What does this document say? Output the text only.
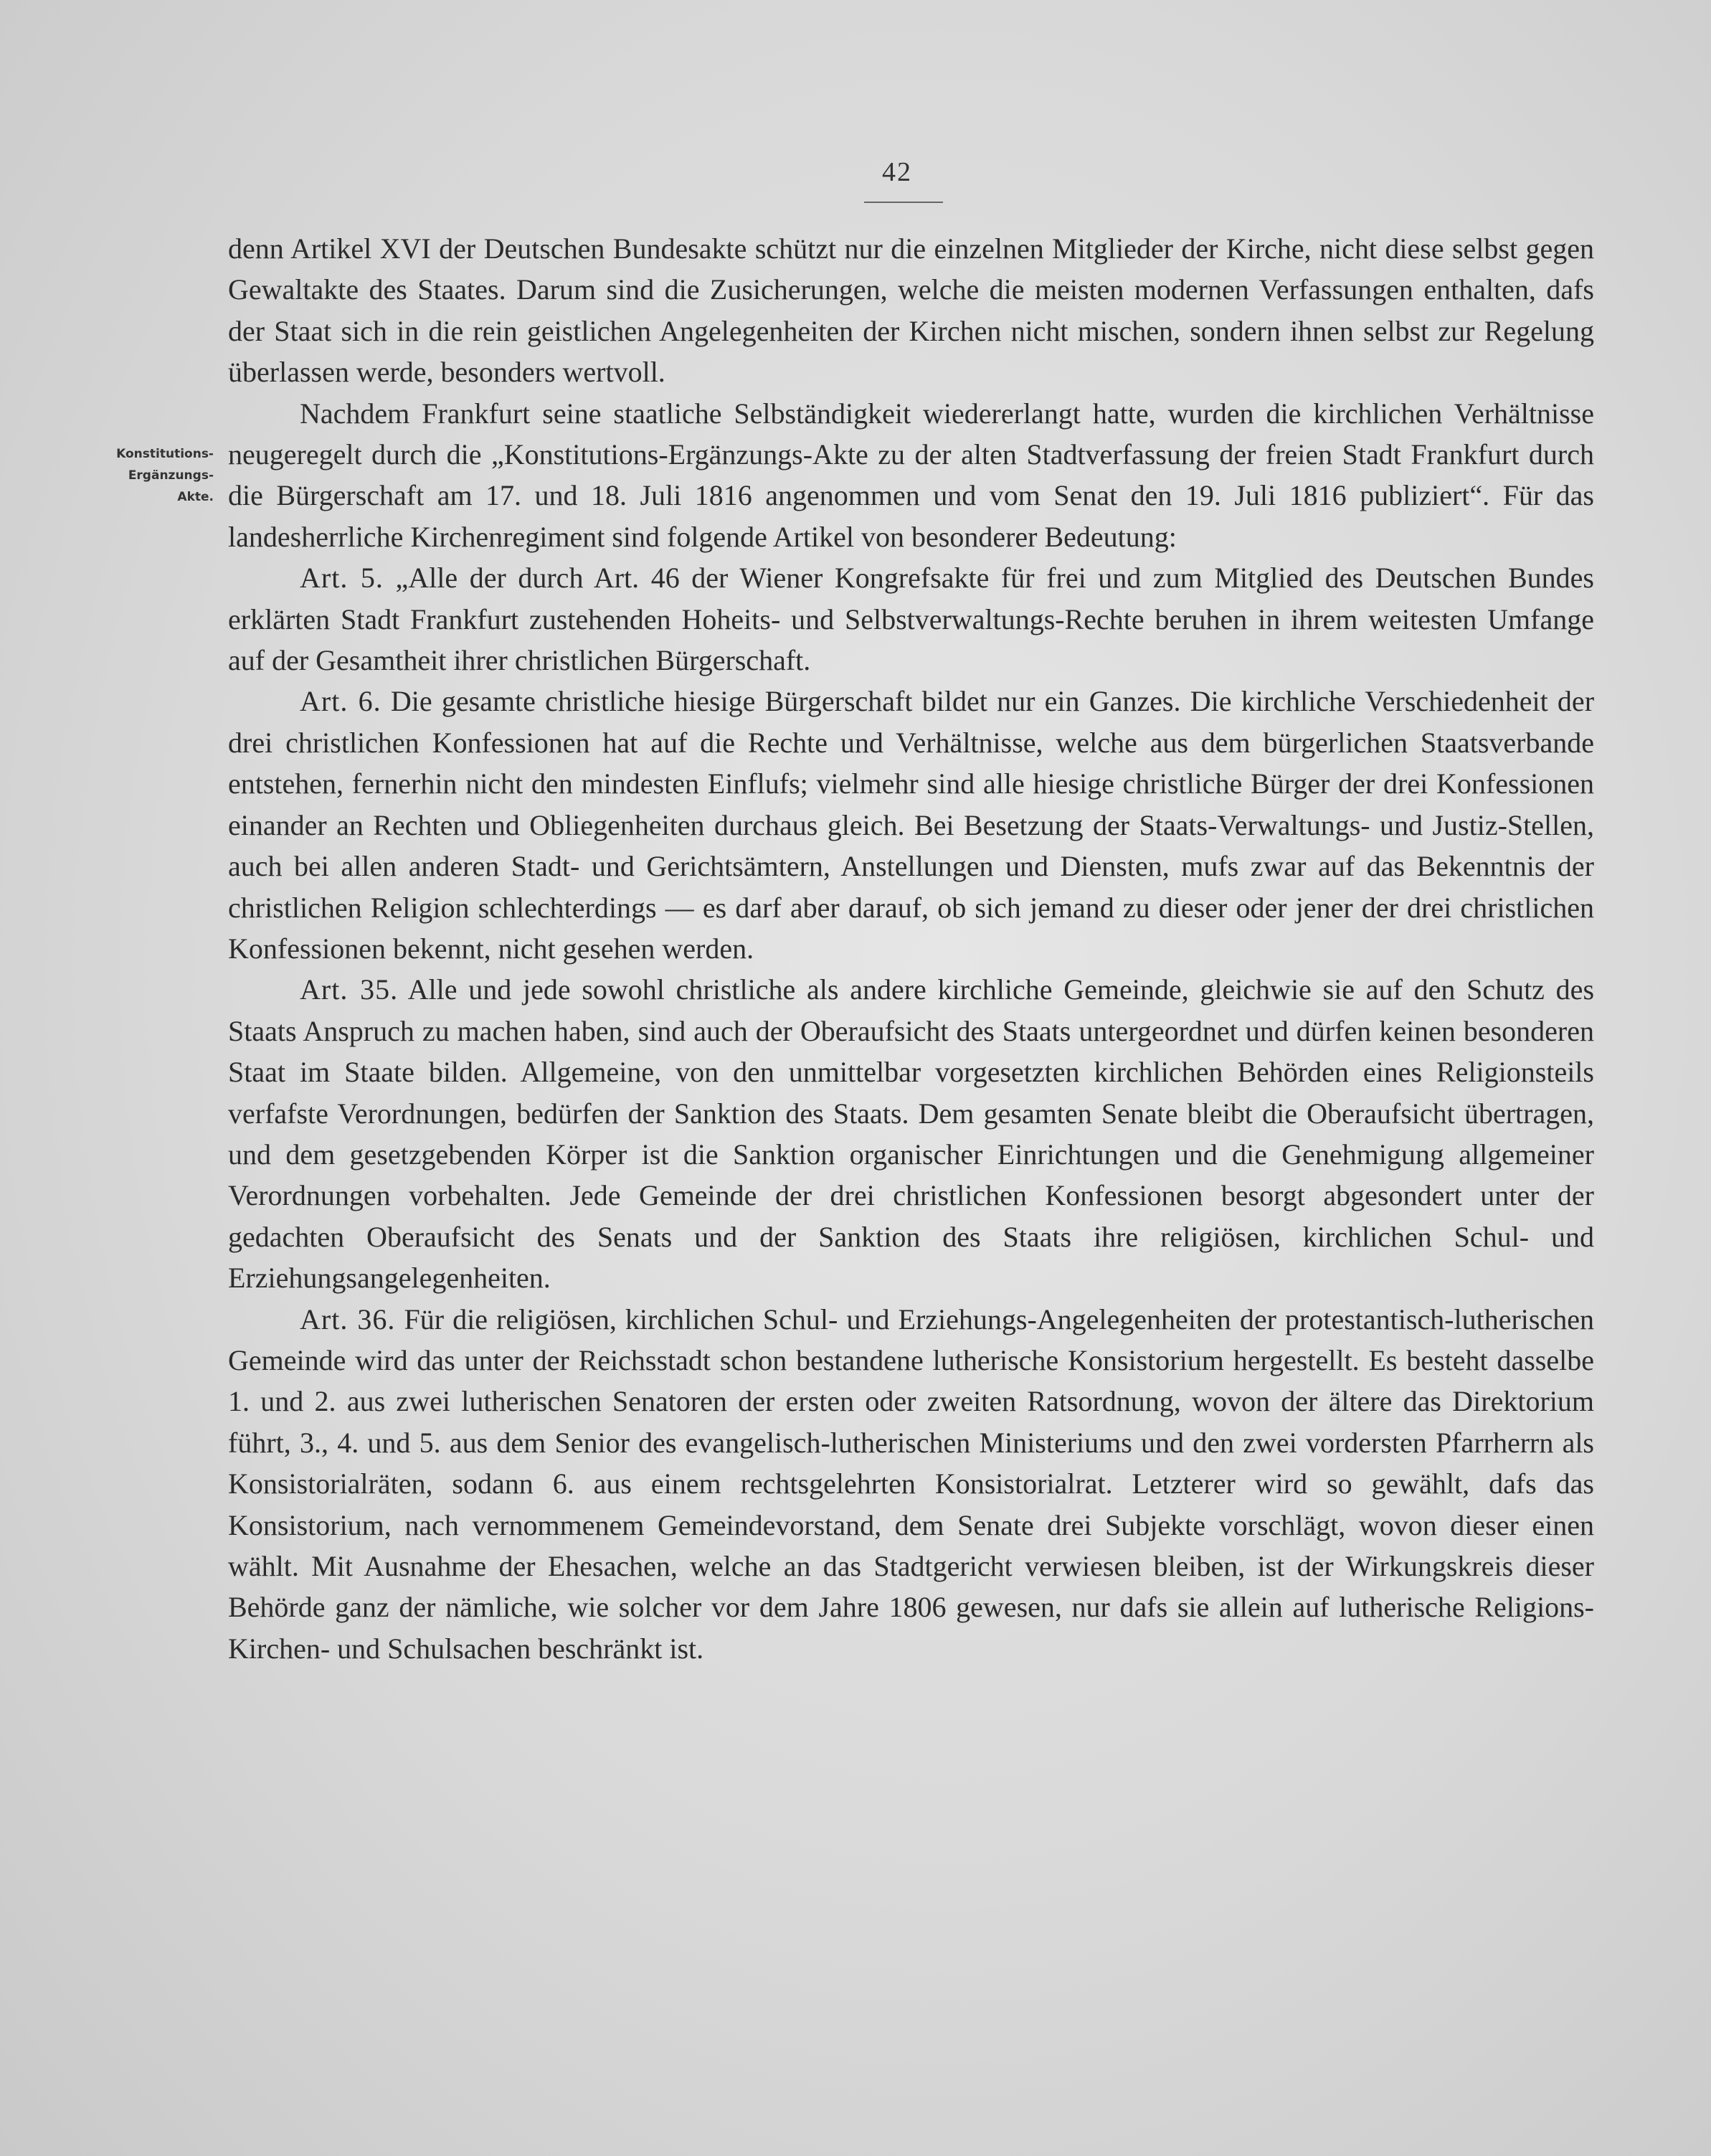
42
Konstitutions-
Ergänzungs-
Akte.

denn Artikel XVI der Deutschen Bundesakte schützt nur die einzelnen Mitglieder der Kirche, nicht diese selbst gegen Gewaltakte des Staates. Darum sind die Zusicherungen, welche die meisten modernen Verfassungen enthalten, dafs der Staat sich in die rein geistlichen Angelegenheiten der Kirchen nicht mischen, sondern ihnen selbst zur Regelung überlassen werde, besonders wertvoll.

Nachdem Frankfurt seine staatliche Selbständigkeit wiedererlangt hatte, wurden die kirchlichen Verhältnisse neugeregelt durch die „Konstitutions-Ergänzungs-Akte zu der alten Stadtverfassung der freien Stadt Frankfurt durch die Bürgerschaft am 17. und 18. Juli 1816 angenommen und vom Senat den 19. Juli 1816 publiziert“. Für das landesherrliche Kirchenregiment sind folgende Artikel von besonderer Bedeutung:

Art. 5. „Alle der durch Art. 46 der Wiener Kongrefsakte für frei und zum Mitglied des Deutschen Bundes erklärten Stadt Frankfurt zustehenden Hoheits- und Selbstverwaltungs-Rechte beruhen in ihrem weitesten Umfange auf der Gesamtheit ihrer christlichen Bürgerschaft.

Art. 6. Die gesamte christliche hiesige Bürgerschaft bildet nur ein Ganzes. Die kirchliche Verschiedenheit der drei christlichen Konfessionen hat auf die Rechte und Verhältnisse, welche aus dem bürgerlichen Staatsverbande entstehen, fernerhin nicht den mindesten Einflufs; vielmehr sind alle hiesige christliche Bürger der drei Konfessionen einander an Rechten und Obliegenheiten durchaus gleich. Bei Besetzung der Staats-Verwaltungs- und Justiz-Stellen, auch bei allen anderen Stadt- und Gerichtsämtern, Anstellungen und Diensten, mufs zwar auf das Bekenntnis der christlichen Religion schlechterdings — es darf aber darauf, ob sich jemand zu dieser oder jener der drei christlichen Konfessionen bekennt, nicht gesehen werden.

Art. 35. Alle und jede sowohl christliche als andere kirchliche Gemeinde, gleichwie sie auf den Schutz des Staats Anspruch zu machen haben, sind auch der Oberaufsicht des Staats untergeordnet und dürfen keinen besonderen Staat im Staate bilden. Allgemeine, von den unmittelbar vorgesetzten kirchlichen Behörden eines Religionsteils verfafste Verordnungen, bedürfen der Sanktion des Staats. Dem gesamten Senate bleibt die Oberaufsicht übertragen, und dem gesetzgebenden Körper ist die Sanktion organischer Einrichtungen und die Genehmigung allgemeiner Verordnungen vorbehalten. Jede Gemeinde der drei christlichen Konfessionen besorgt abgesondert unter der gedachten Oberaufsicht des Senats und der Sanktion des Staats ihre religiösen, kirchlichen Schul- und Erziehungsangelegenheiten.

Art. 36. Für die religiösen, kirchlichen Schul- und Erziehungs-Angelegenheiten der protestantisch-lutherischen Gemeinde wird das unter der Reichsstadt schon bestandene lutherische Konsistorium hergestellt. Es besteht dasselbe 1. und 2. aus zwei lutherischen Senatoren der ersten oder zweiten Ratsordnung, wovon der ältere das Direktorium führt, 3., 4. und 5. aus dem Senior des evangelisch-lutherischen Ministeriums und den zwei vordersten Pfarrherrn als Konsistorialräten, sodann 6. aus einem rechtsgelehrten Konsistorialrat. Letzterer wird so gewählt, dafs das Konsistorium, nach vernommenem Gemeindevorstand, dem Senate drei Subjekte vorschlägt, wovon dieser einen wählt. Mit Ausnahme der Ehesachen, welche an das Stadtgericht verwiesen bleiben, ist der Wirkungskreis dieser Behörde ganz der nämliche, wie solcher vor dem Jahre 1806 gewesen, nur dafs sie allein auf lutherische Religions-Kirchen- und Schulsachen beschränkt ist.
